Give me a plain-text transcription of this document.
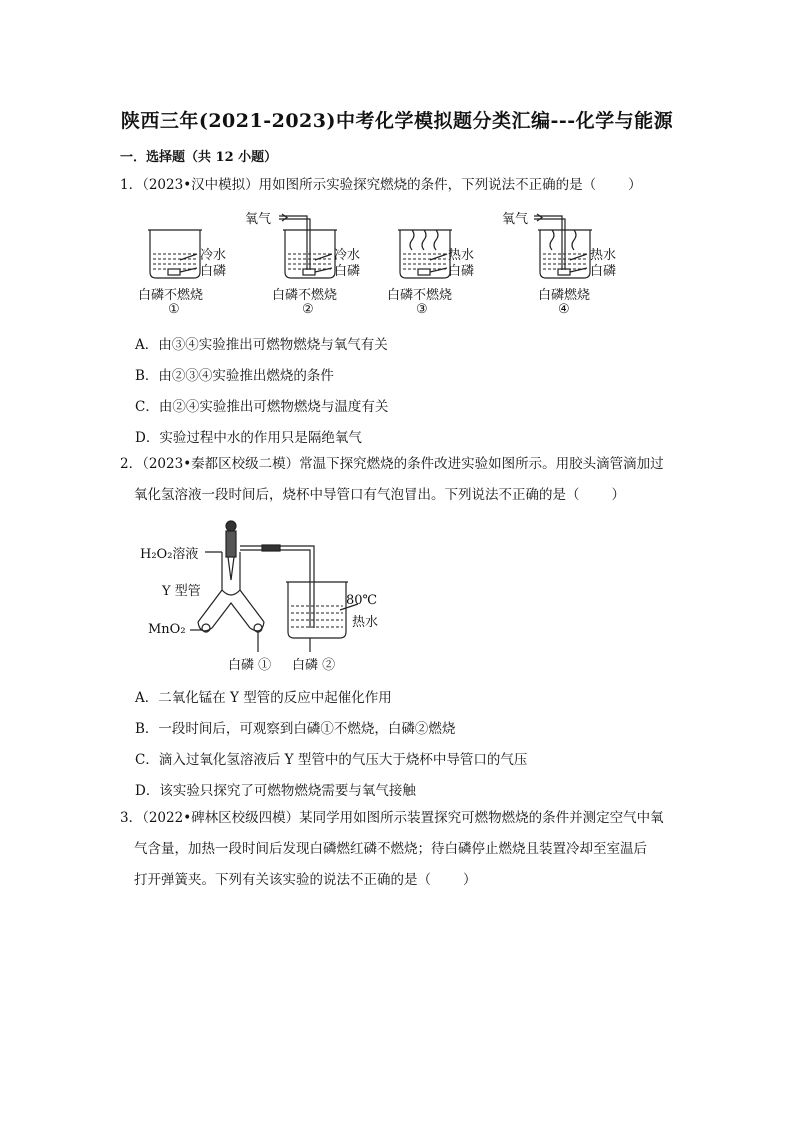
陕西三年(2021-2023)中考化学模拟题分类汇编---化学与能源
一．选择题（共 12 小题）
1．（2023•汉中模拟）用如图所示实验探究燃烧的条件，下列说法不正确的是（ ）
冷水
白磷
氧气
冷水
白磷
热水
白磷
氧气
热水
白磷
白磷不燃烧	白磷不燃烧	白磷不燃烧	白磷燃烧
①	②	③	④
A．由③④实验推出可燃物燃烧与氧气有关
B．由②③④实验推出燃烧的条件
C．由②④实验推出可燃物燃烧与温度有关
D．实验过程中水的作用只是隔绝氧气
2．（2023•秦都区校级二模）常温下探究燃烧的条件改进实验如图所示。用胶头滴管滴加过
氧化氢溶液一段时间后，烧杯中导管口有气泡冒出。下列说法不正确的是（ ）
H₂O₂溶液
Y 型管
MnO₂
80℃
热水
白磷 ① 白磷 ②
A．二氧化锰在 Y 型管的反应中起催化作用
B．一段时间后，可观察到白磷①不燃烧，白磷②燃烧
C．滴入过氧化氢溶液后 Y 型管中的气压大于烧杯中导管口的气压
D．该实验只探究了可燃物燃烧需要与氧气接触
3．（2022•碑林区校级四模）某同学用如图所示装置探究可燃物燃烧的条件并测定空气中氧
气含量，加热一段时间后发现白磷燃红磷不燃烧；待白磷停止燃烧且装置冷却至室温后
打开弹簧夹。下列有关该实验的说法不正确的是（ ）
